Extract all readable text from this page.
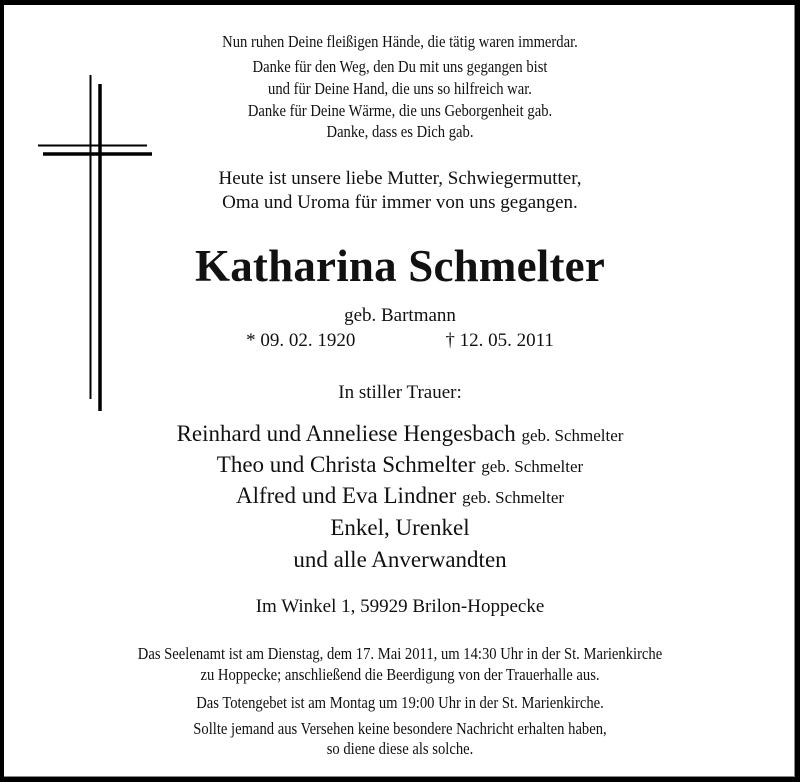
Nun ruhen Deine fleißigen Hände, die tätig waren immerdar.
Danke für den Weg, den Du mit uns gegangen bist
und für Deine Hand, die uns so hilfreich war.
Danke für Deine Wärme, die uns Geborgenheit gab.
Danke, dass es Dich gab.
Heute ist unsere liebe Mutter, Schwiegermutter,
Oma und Uroma für immer von uns gegangen.
Katharina Schmelter
geb. Bartmann
* 09. 02. 1920	† 12. 05. 2011
In stiller Trauer:
Reinhard und Anneliese Hengesbach geb. Schmelter
Theo und Christa Schmelter geb. Schmelter
Alfred und Eva Lindner geb. Schmelter
Enkel, Urenkel
und alle Anverwandten
Im Winkel 1, 59929 Brilon-Hoppecke
Das Seelenamt ist am Dienstag, dem 17. Mai 2011, um 14:30 Uhr in der St. Marienkirche
zu Hoppecke; anschließend die Beerdigung von der Trauerhalle aus.
Das Totengebet ist am Montag um 19:00 Uhr in der St. Marienkirche.
Sollte jemand aus Versehen keine besondere Nachricht erhalten haben,
so diene diese als solche.
